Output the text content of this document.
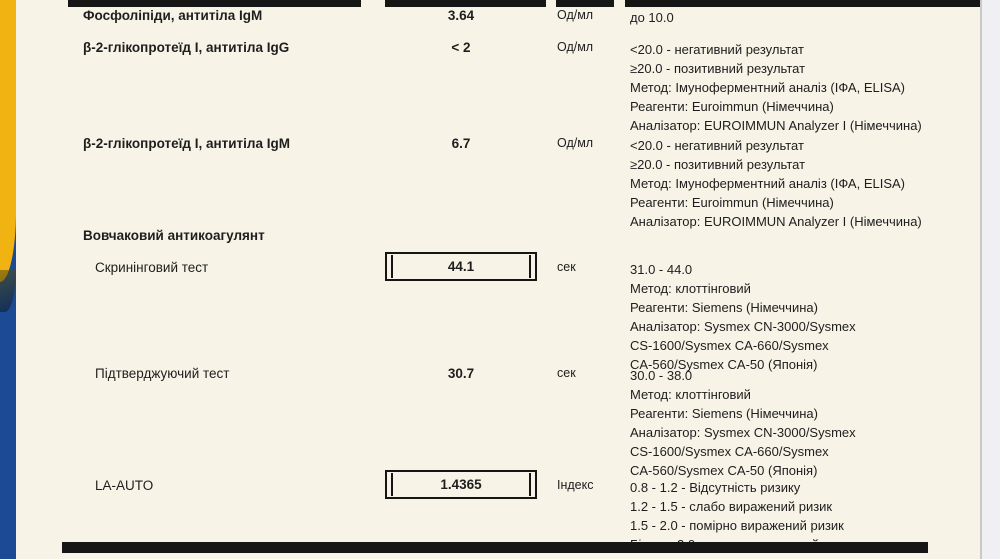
Фосфоліпіди, антитіла IgM	3.64	Од/мл	до 10.0
β-2-глікопротеїд I, антитіла IgG	< 2	Од/мл	<20.0 - негативний результат
≥20.0 - позитивний результат
Метод: Імуноферментний аналіз (ІФА, ELISA)
Реагенти: Euroimmun (Німеччина)
Аналізатор: EUROIMMUN Analyzer I (Німеччина)
β-2-глікопротеїд I, антитіла IgM	6.7	Од/мл	<20.0 - негативний результат
≥20.0 - позитивний результат
Метод: Імуноферментний аналіз (ІФА, ELISA)
Реагенти: Euroimmun (Німеччина)
Аналізатор: EUROIMMUN Analyzer I (Німеччина)
Вовчаковий антикоагулянт
Скринінговий тест	44.1	сек	31.0 - 44.0
Метод: клоттінговий
Реагенти: Siemens (Німеччина)
Аналізатор: Sysmex CN-3000/Sysmex
CS-1600/Sysmex CA-660/Sysmex
CA-560/Sysmex CA-50 (Японія)
Підтверджуючий тест	30.7	сек	30.0 - 38.0
Метод: клоттінговий
Реагенти: Siemens (Німеччина)
Аналізатор: Sysmex CN-3000/Sysmex
CS-1600/Sysmex CA-660/Sysmex
CA-560/Sysmex CA-50 (Японія)
LA-AUTO	1.4365	Індекс	0.8 - 1.2 - Відсутність ризику
1.2 - 1.5 - слабо виражений ризик
1.5 - 2.0 - помірно виражений ризик
